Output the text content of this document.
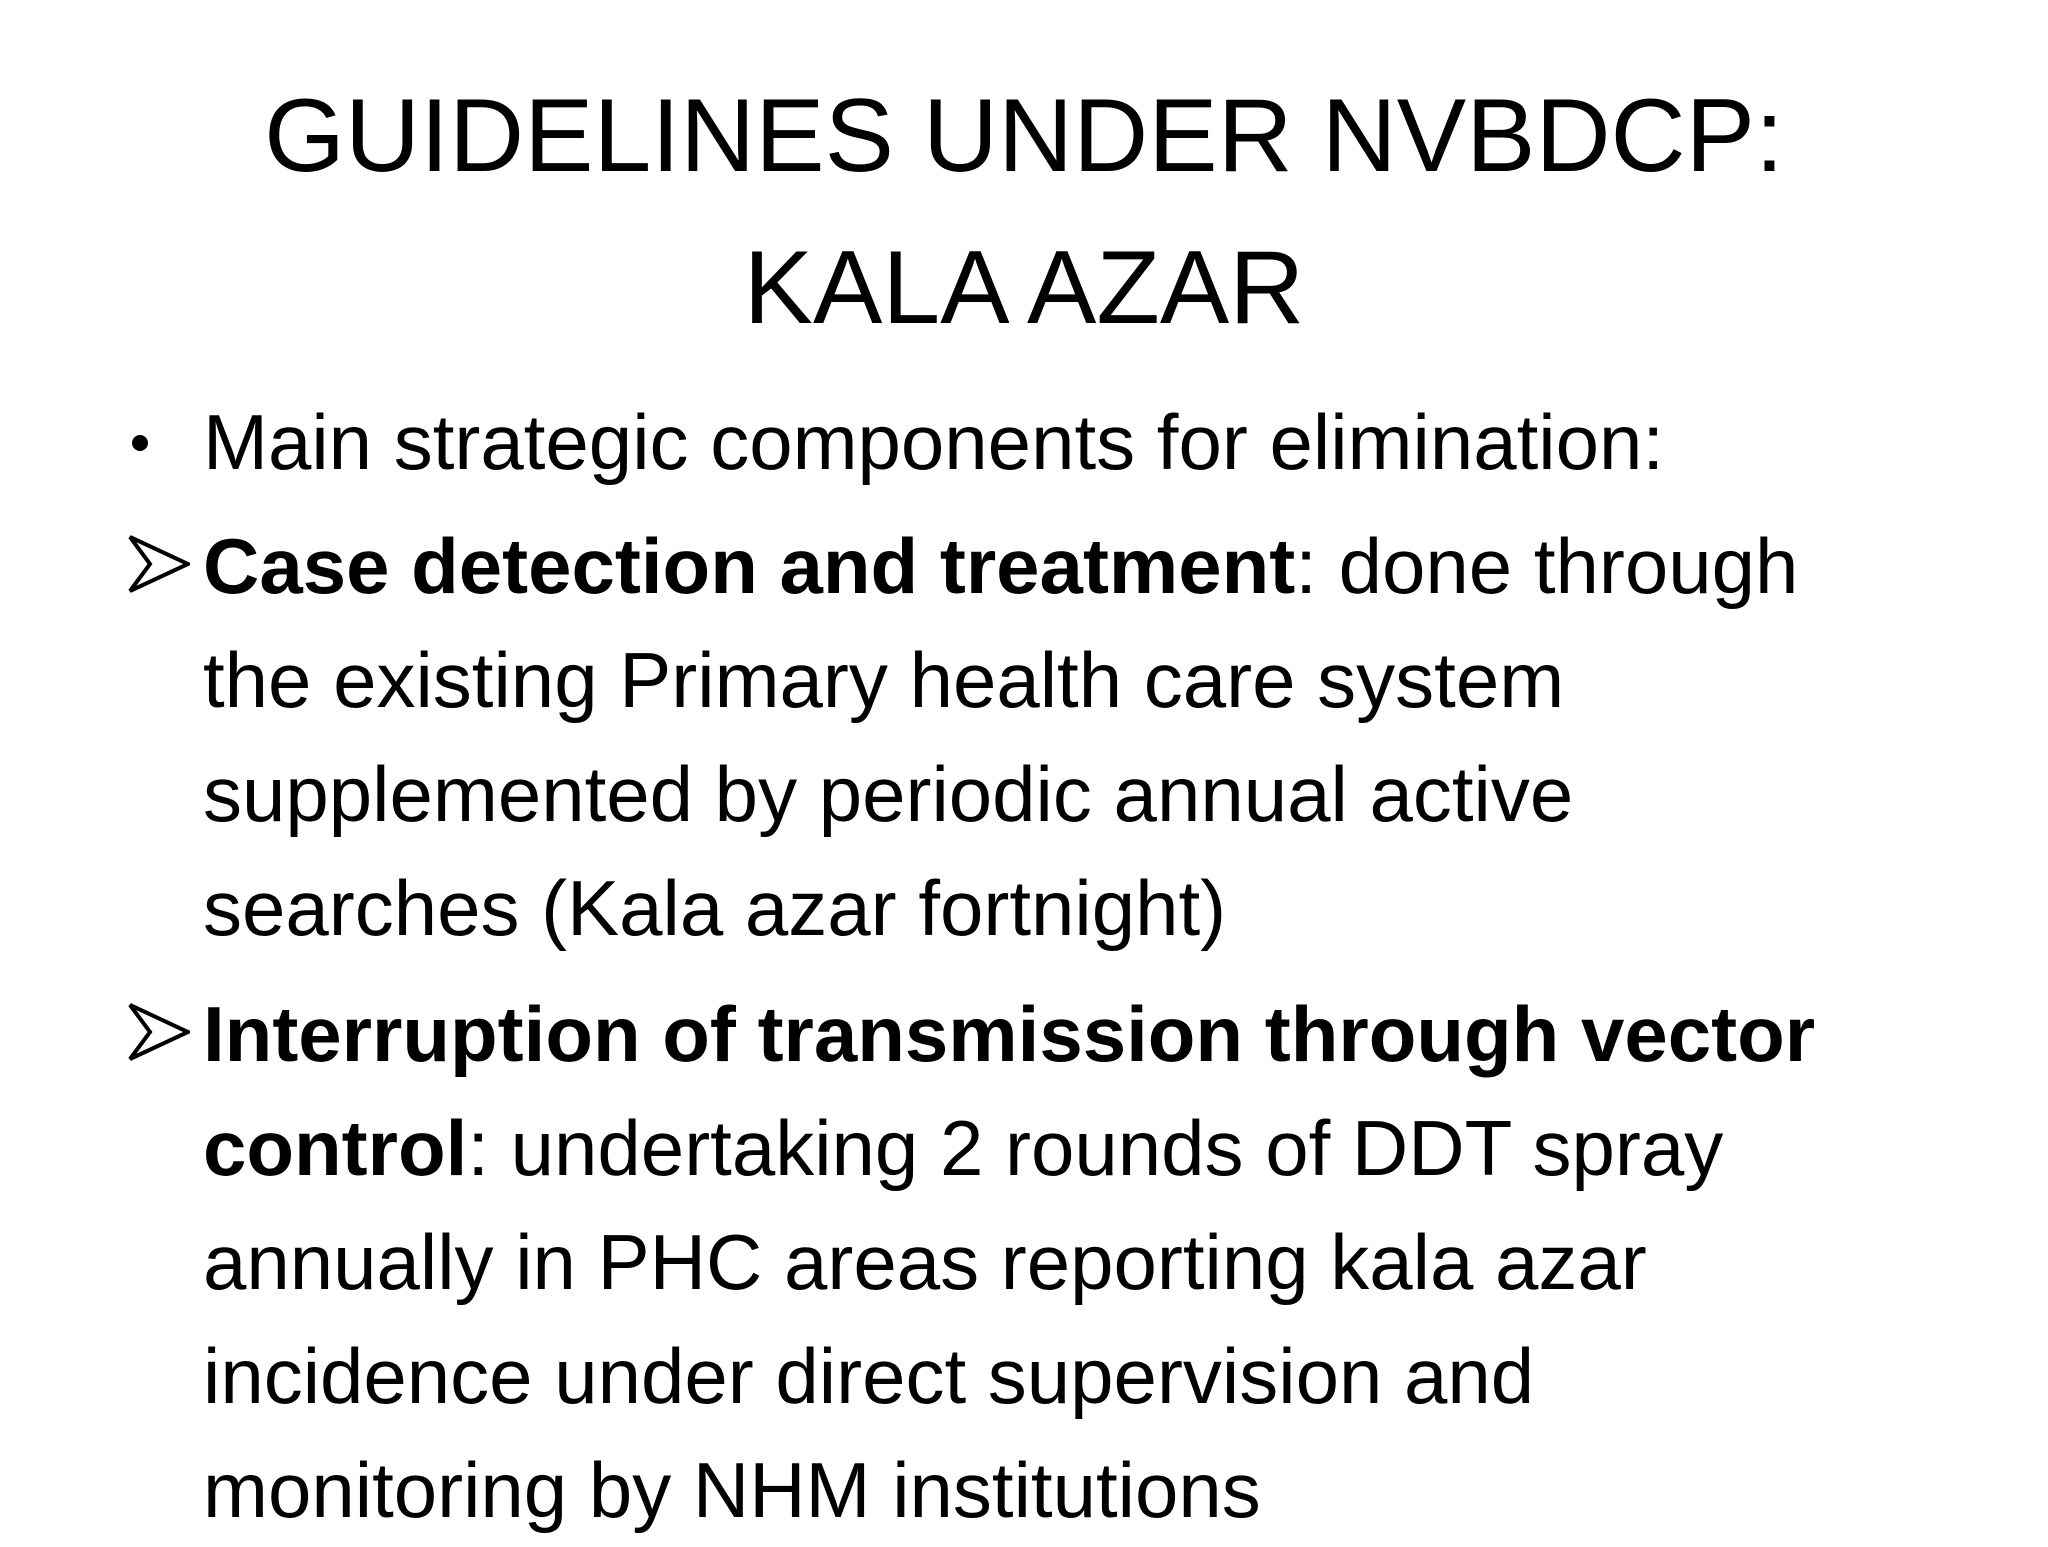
GUIDELINES UNDER NVBDCP:
KALA AZAR
Main strategic components for elimination:
Case detection and treatment: done through
the existing Primary health care system
supplemented by periodic annual active
searches (Kala azar fortnight)
Interruption of transmission through vector
control: undertaking 2 rounds of DDT spray
annually in PHC areas reporting kala azar
incidence under direct supervision and
monitoring by NHM institutions
